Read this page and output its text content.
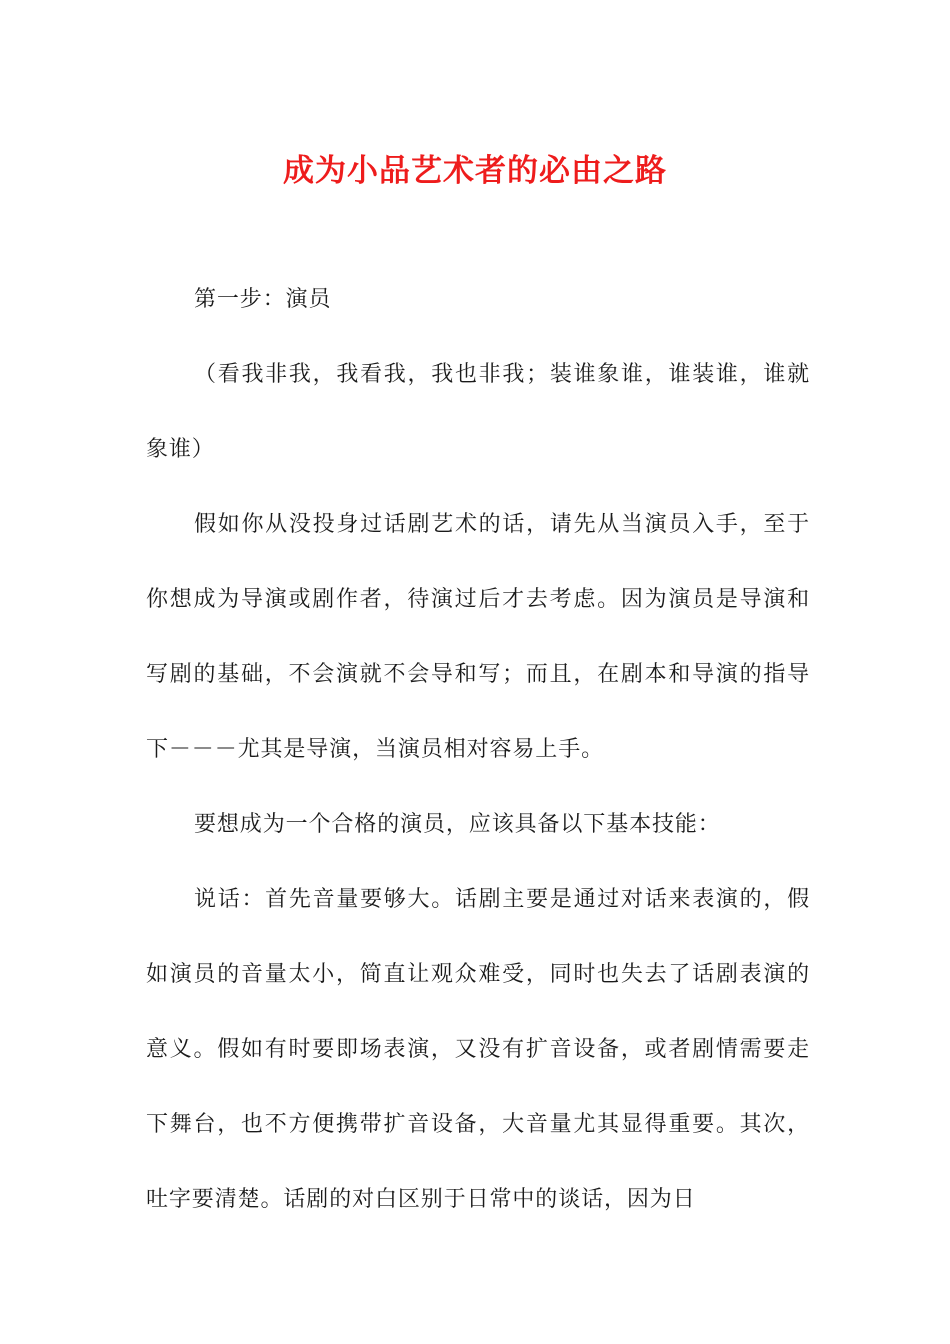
成为小品艺术者的必由之路

第一步：演员

（看我非我，我看我，我也非我；装谁象谁，谁装谁，谁就象谁）

假如你从没投身过话剧艺术的话，请先从当演员入手，至于你想成为导演或剧作者，待演过后才去考虑。因为演员是导演和写剧的基础，不会演就不会导和写；而且，在剧本和导演的指导下－－－尤其是导演，当演员相对容易上手。

要想成为一个合格的演员，应该具备以下基本技能：

说话：首先音量要够大。话剧主要是通过对话来表演的，假如演员的音量太小，简直让观众难受，同时也失去了话剧表演的意义。假如有时要即场表演，又没有扩音设备，或者剧情需要走下舞台，也不方便携带扩音设备，大音量尤其显得重要。其次，吐字要清楚。话剧的对白区别于日常中的谈话，因为日
